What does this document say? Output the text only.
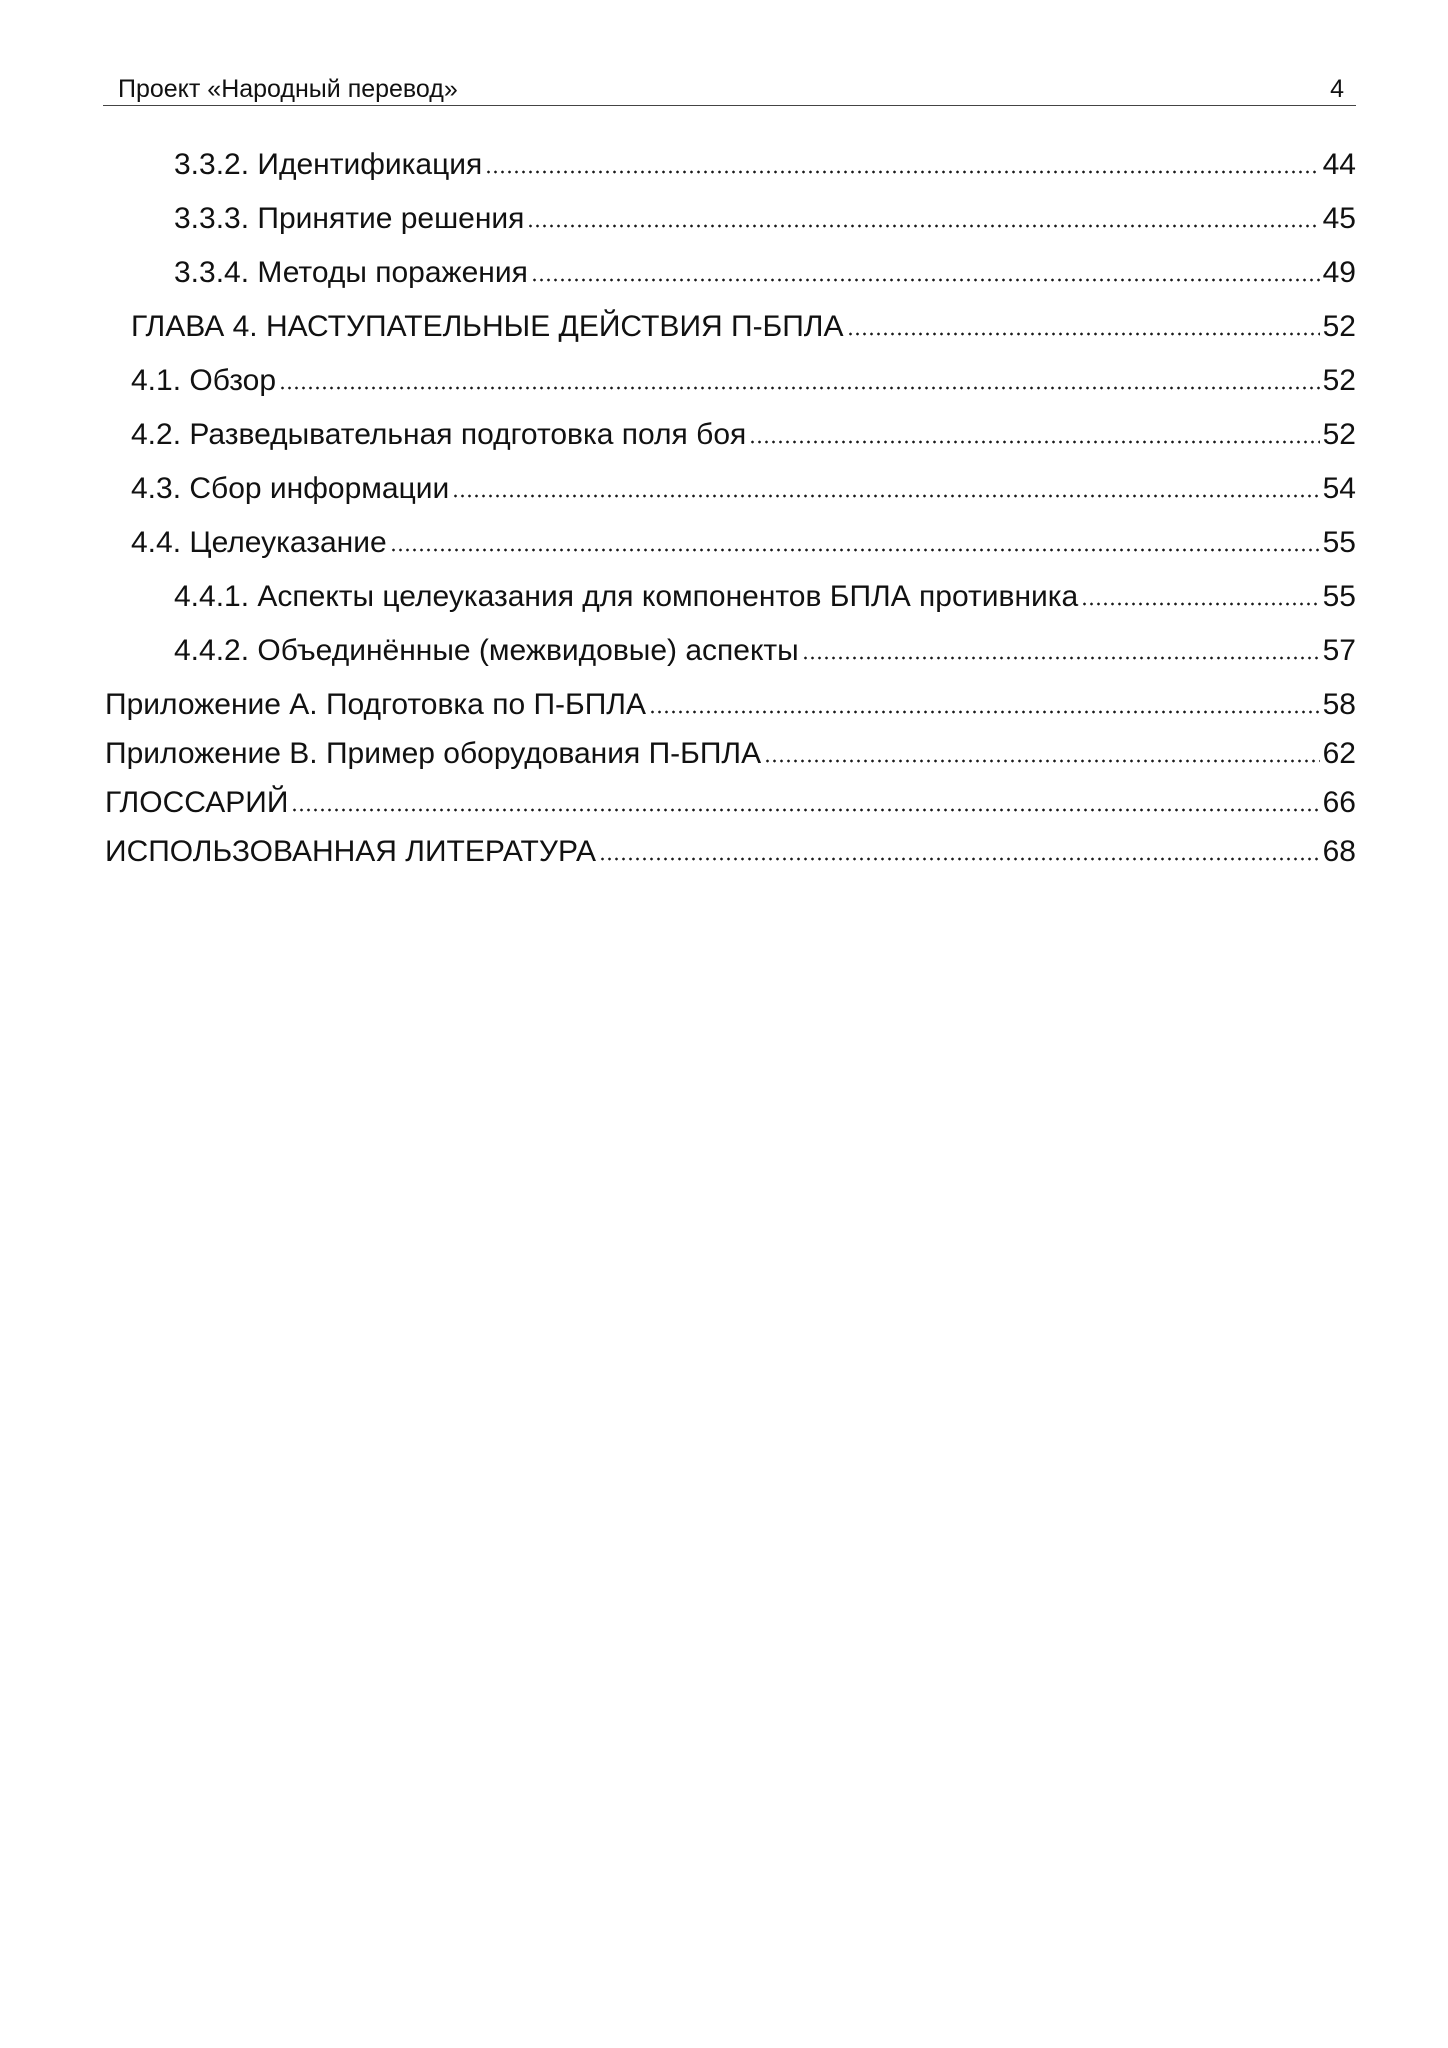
Проект «Народный перевод»	4
3.3.2. Идентификация	44
3.3.3. Принятие решения	45
3.3.4. Методы поражения	49
ГЛАВА 4. НАСТУПАТЕЛЬНЫЕ ДЕЙСТВИЯ П-БПЛА	52
4.1. Обзор	52
4.2. Разведывательная подготовка поля боя	52
4.3. Сбор информации	54
4.4. Целеуказание	55
4.4.1. Аспекты целеуказания для компонентов БПЛА противника	55
4.4.2. Объединённые (межвидовые) аспекты	57
Приложение А. Подготовка по П-БПЛА	58
Приложение В. Пример оборудования П-БПЛА	62
ГЛОССАРИЙ	66
ИСПОЛЬЗОВАННАЯ ЛИТЕРАТУРА	68
